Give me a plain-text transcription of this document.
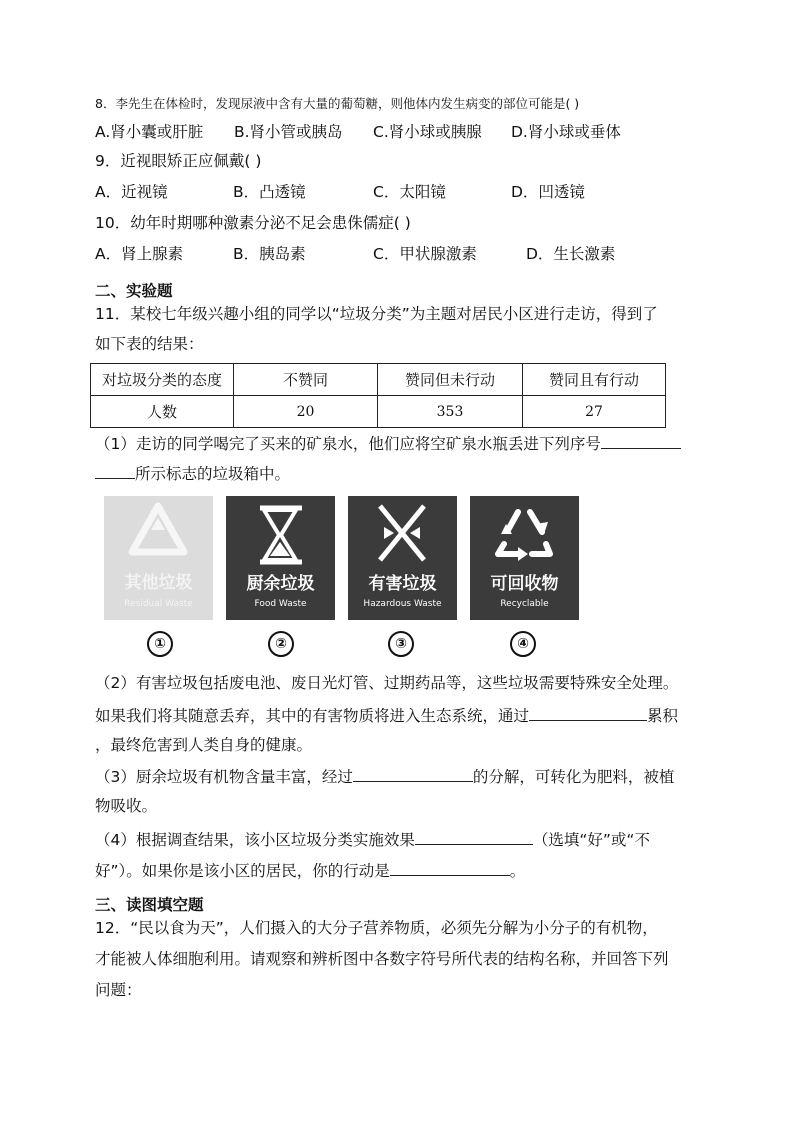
8．李先生在体检时，发现尿液中含有大量的葡萄糖，则他体内发生病变的部位可能是( )
A.肾小囊或肝脏 B.肾小管或胰岛 C.肾小球或胰腺 D.肾小球或垂体
9．近视眼矫正应佩戴( )
A．近视镜	B．凸透镜	C．太阳镜	D．凹透镜
10．幼年时期哪种激素分泌不足会患侏儒症( )
A．肾上腺素	B．胰岛素	C．甲状腺激素	D．生长激素
二、实验题
11．某校七年级兴趣小组的同学以“垃圾分类”为主题对居民小区进行走访，得到了
如下表的结果：
对垃圾分类的态度	不赞同	赞同但未行动	赞同且有行动
人数	20	353	27
（1）走访的同学喝完了买来的矿泉水，他们应将空矿泉水瓶丢进下列序号
所示标志的垃圾箱中。
其他垃圾
Residual Waste
厨余垃圾
Food Waste
有害垃圾
Hazardous Waste
可回收物
Recyclable
①	②	③	④
（2）有害垃圾包括废电池、废日光灯管、过期药品等，这些垃圾需要特殊安全处理。
如果我们将其随意丢弃，其中的有害物质将进入生态系统，通过	累积
，最终危害到人类自身的健康。
（3）厨余垃圾有机物含量丰富，经过	的分解，可转化为肥料，被植
物吸收。
（4）根据调查结果，该小区垃圾分类实施效果	（选填“好”或“不
好”）。如果你是该小区的居民，你的行动是	。
三、读图填空题
12．“民以食为天”，人们摄入的大分子营养物质，必须先分解为小分子的有机物，
才能被人体细胞利用。请观察和辨析图中各数字符号所代表的结构名称，并回答下列
问题：
